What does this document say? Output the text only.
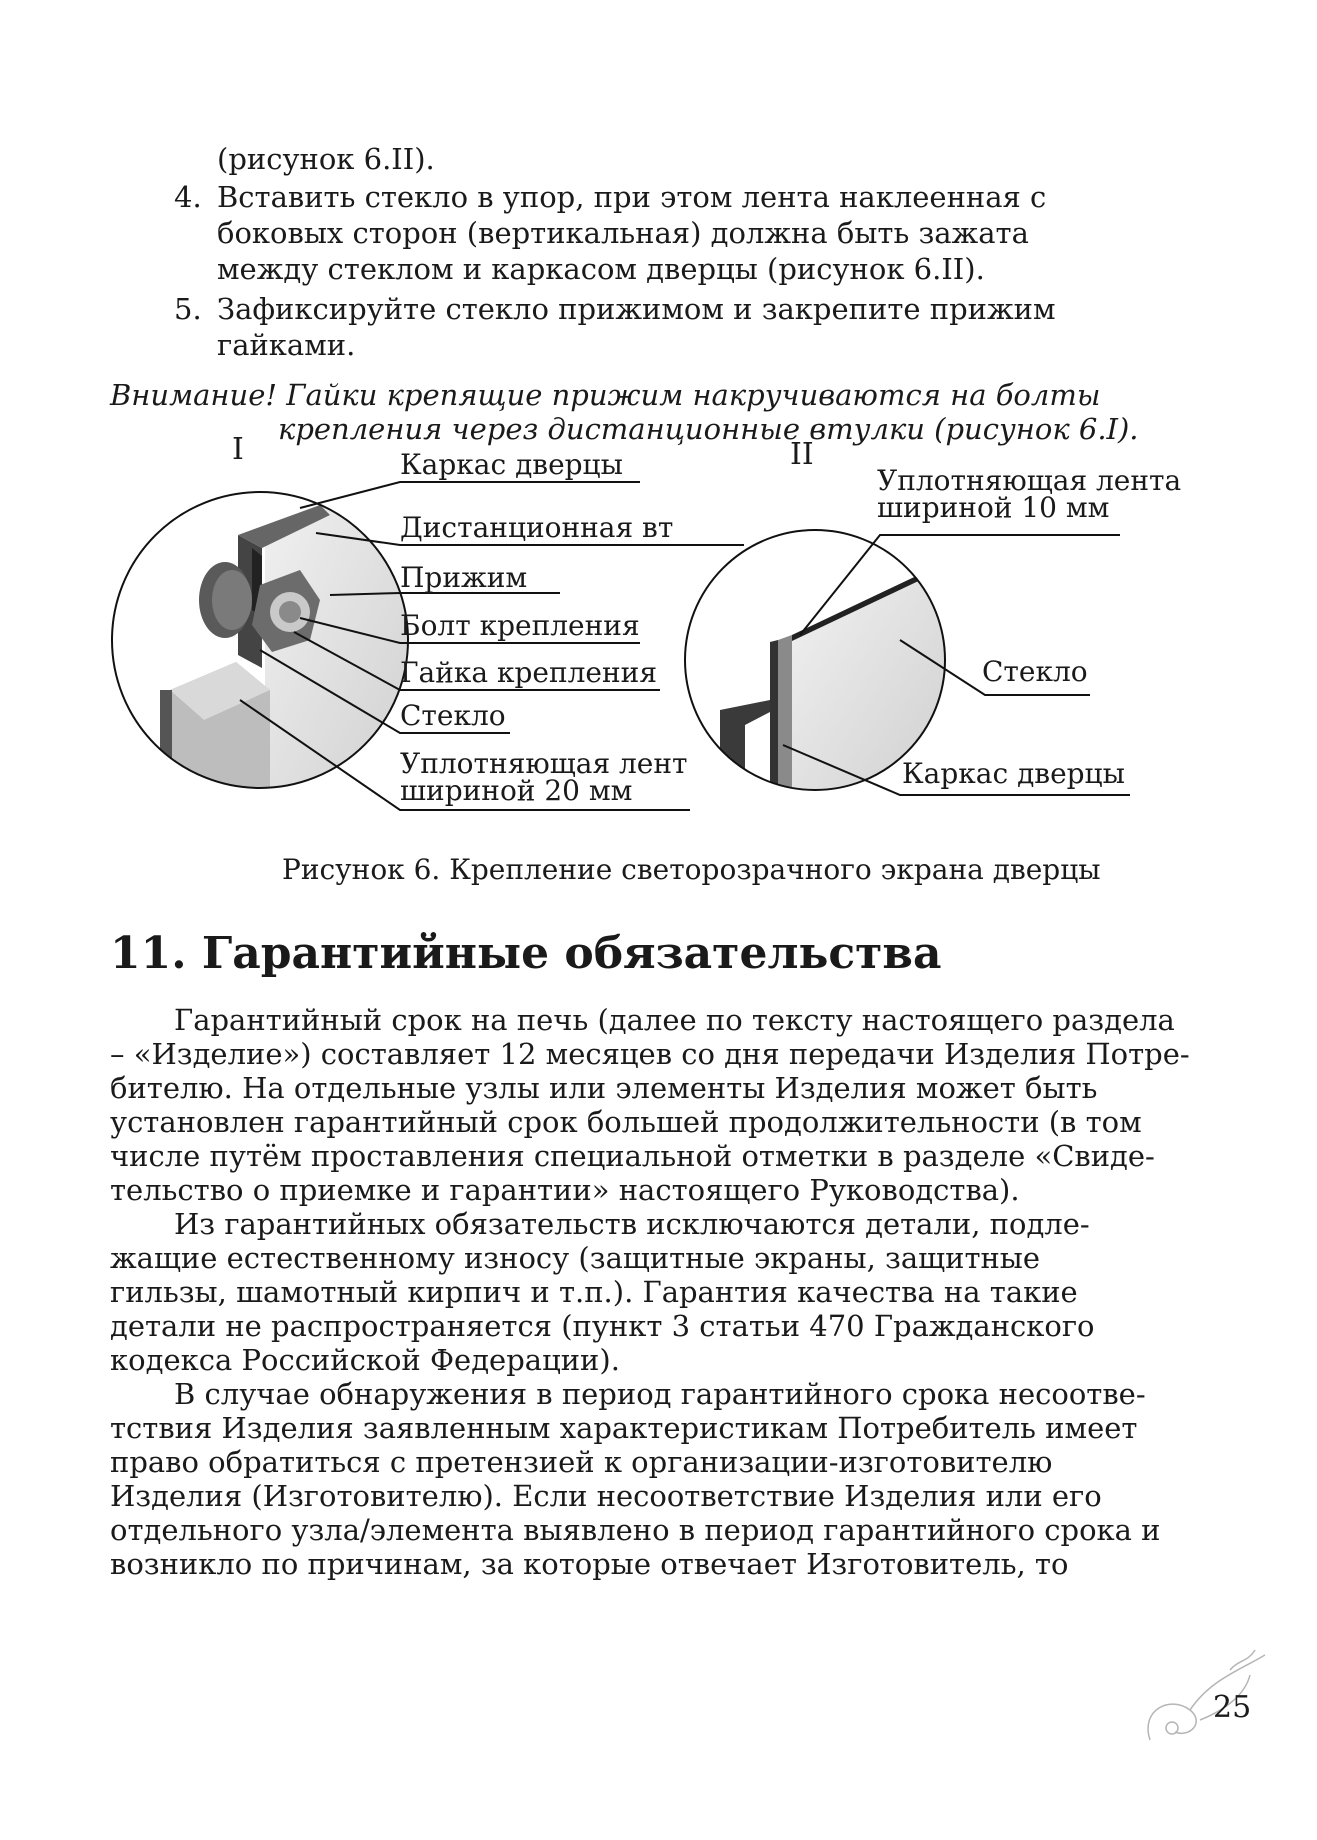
(рисунок 6.II).
4. Вставить стекло в упор, при этом лента наклеенная с
боковых сторон (вертикальная) должна быть зажата
между стеклом и каркасом дверцы (рисунок 6.II).
5. Зафиксируйте стекло прижимом и закрепите прижим
гайками.
Внимание! Гайки крепящие прижим накручиваются на болты
крепления через дистанционные втулки (рисунок 6.I).
I	II
Каркас дверцы
Дистанционная вт
Прижим
Болт крепления
Гайка крепления
Стекло
Уплотняющая лент
шириной 20 мм
Уплотняющая лента
шириной 10 мм
Стекло
Каркас дверцы
Рисунок 6. Крепление светорозрачного экрана дверцы
11. Гарантийные обязательства
Гарантийный срок на печь (далее по тексту настоящего раздела
– «Изделие») составляет 12 месяцев со дня передачи Изделия Потре-
бителю. На отдельные узлы или элементы Изделия может быть
установлен гарантийный срок большей продолжительности (в том
числе путём проставления специальной отметки в разделе «Свиде-
тельство о приемке и гарантии» настоящего Руководства).
Из гарантийных обязательств исключаются детали, подле-
жащие естественному износу (защитные экраны, защитные
гильзы, шамотный кирпич и т.п.). Гарантия качества на такие
детали не распространяется (пункт 3 статьи 470 Гражданского
кодекса Российской Федерации).
В случае обнаружения в период гарантийного срока несоотве-
тствия Изделия заявленным характеристикам Потребитель имеет
право обратиться с претензией к организации-изготовителю
Изделия (Изготовителю). Если несоответствие Изделия или его
отдельного узла/элемента выявлено в период гарантийного срока и
возникло по причинам, за которые отвечает Изготовитель, то
25
